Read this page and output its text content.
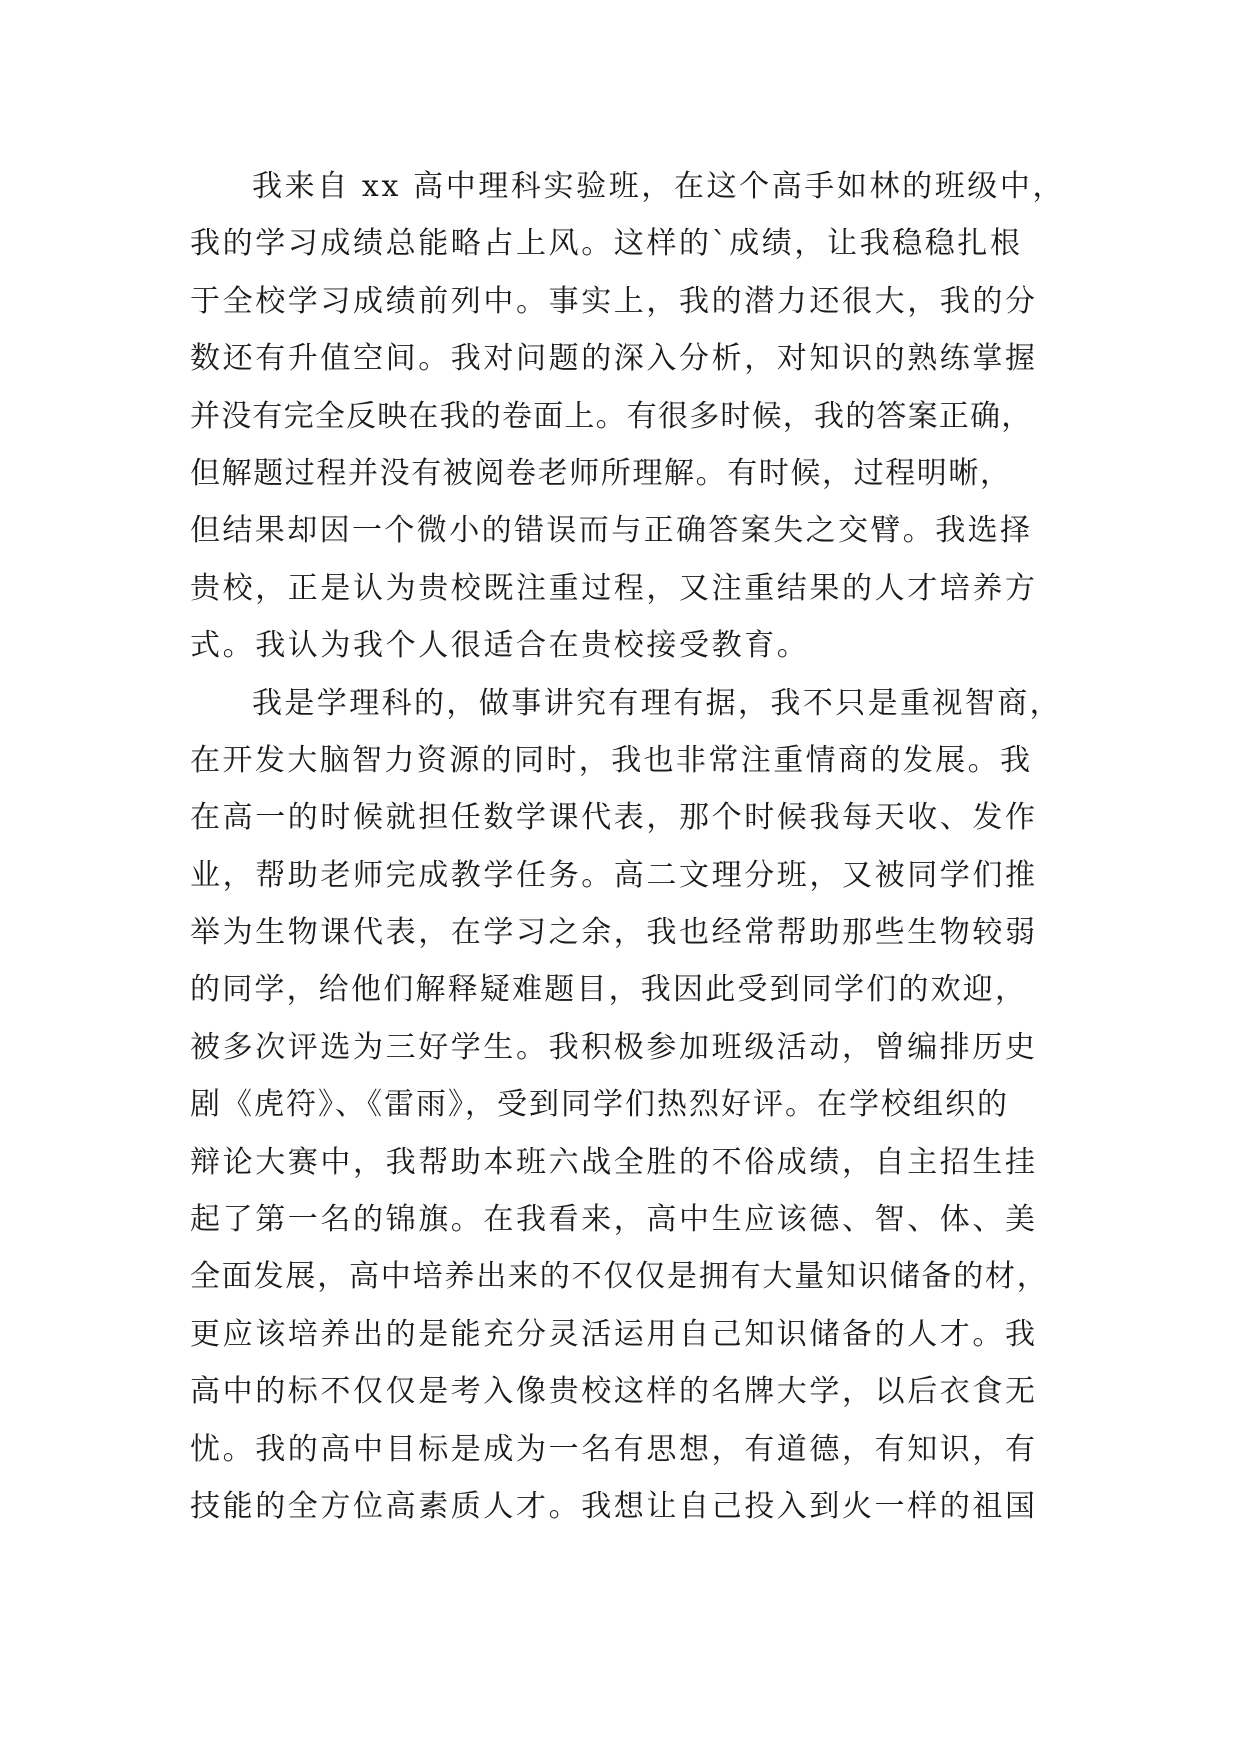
我来自 xx 高中理科实验班，在这个高手如林的班级中，
我的学习成绩总能略占上风。这样的`成绩，让我稳稳扎根
于全校学习成绩前列中。事实上，我的潜力还很大，我的分
数还有升值空间。我对问题的深入分析，对知识的熟练掌握
并没有完全反映在我的卷面上。有很多时候，我的答案正确，
但解题过程并没有被阅卷老师所理解。有时候，过程明晰，
但结果却因一个微小的错误而与正确答案失之交臂。我选择
贵校，正是认为贵校既注重过程，又注重结果的人才培养方
式。我认为我个人很适合在贵校接受教育。
我是学理科的，做事讲究有理有据，我不只是重视智商，
在开发大脑智力资源的同时，我也非常注重情商的发展。我
在高一的时候就担任数学课代表，那个时候我每天收、发作
业，帮助老师完成教学任务。高二文理分班，又被同学们推
举为生物课代表，在学习之余，我也经常帮助那些生物较弱
的同学，给他们解释疑难题目，我因此受到同学们的欢迎，
被多次评选为三好学生。我积极参加班级活动，曾编排历史
剧《虎符》、《雷雨》，受到同学们热烈好评。在学校组织的
辩论大赛中，我帮助本班六战全胜的不俗成绩，自主招生挂
起了第一名的锦旗。在我看来，高中生应该德、智、体、美
全面发展，高中培养出来的不仅仅是拥有大量知识储备的材，
更应该培养出的是能充分灵活运用自己知识储备的人才。我
高中的标不仅仅是考入像贵校这样的名牌大学，以后衣食无
忧。我的高中目标是成为一名有思想，有道德，有知识，有
技能的全方位高素质人才。我想让自己投入到火一样的祖国
